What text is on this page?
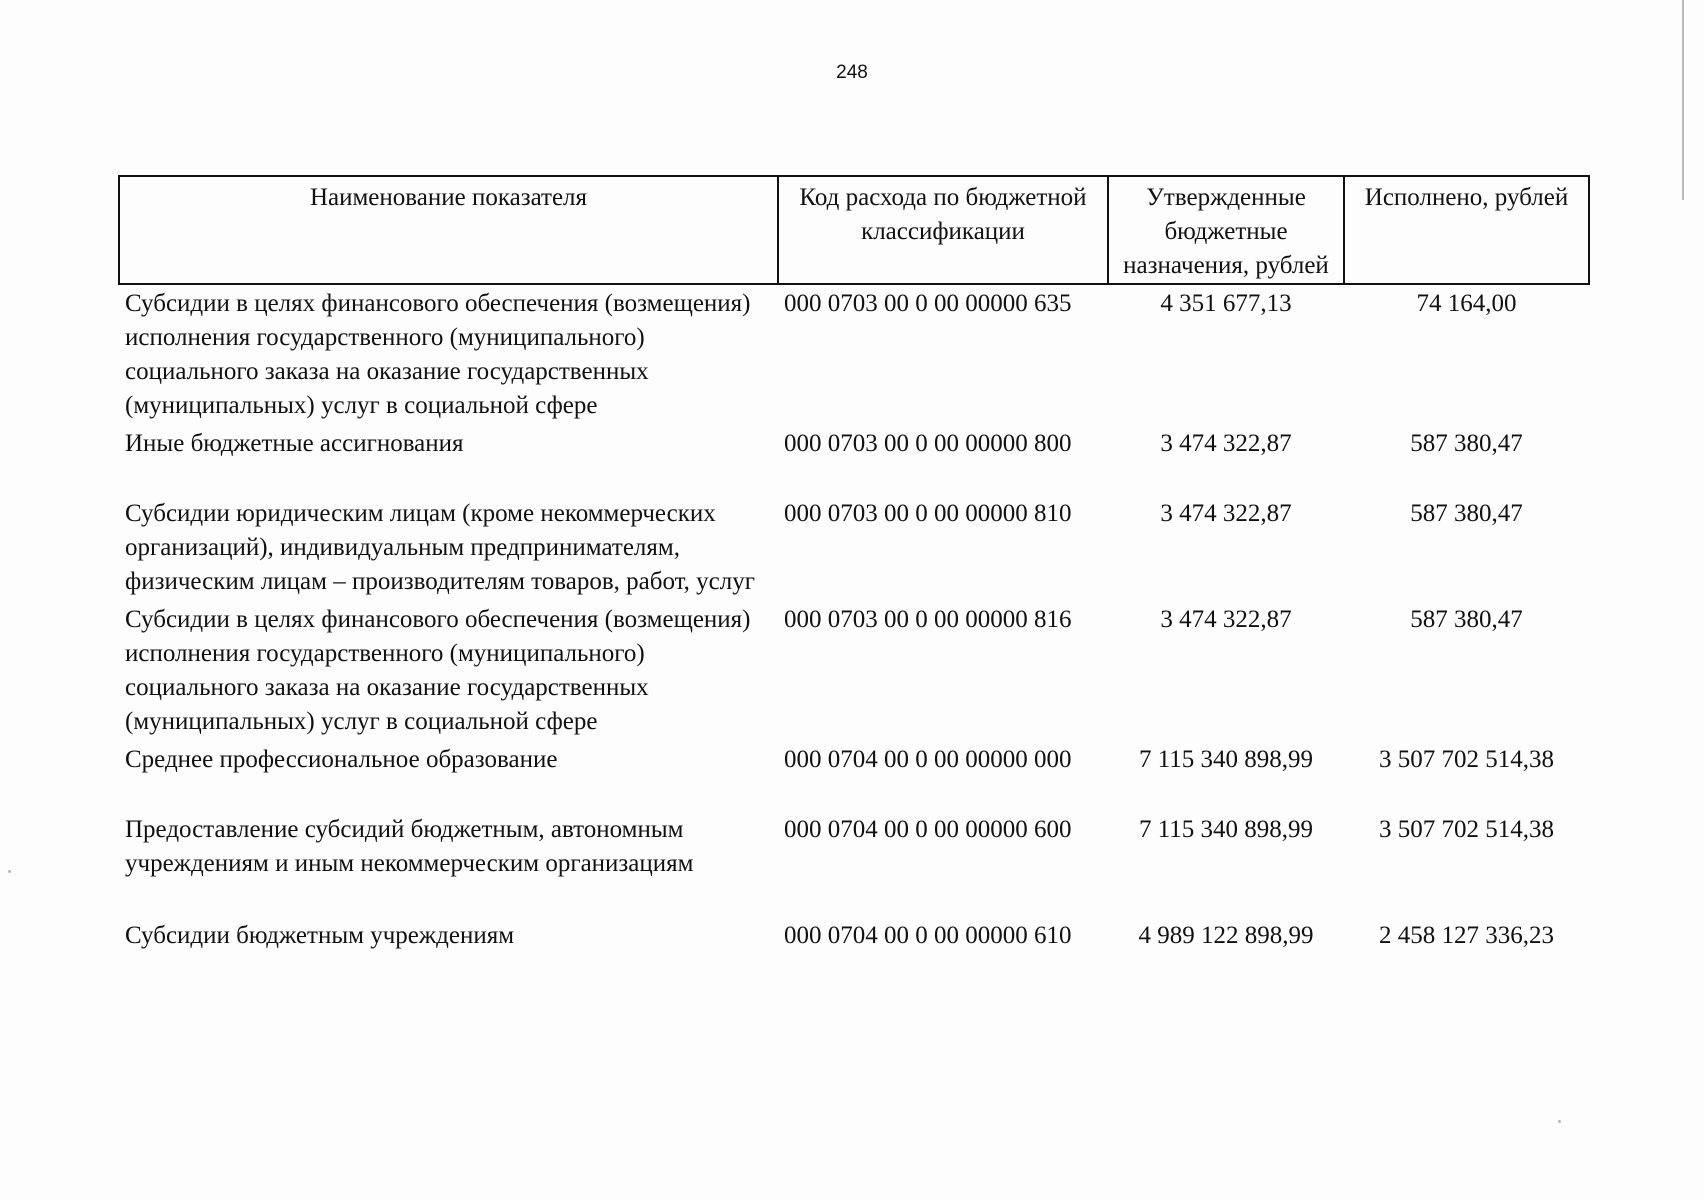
248
Наименование показателя	Код расхода по бюджетной классификации	Утвержденные бюджетные назначения, рублей	Исполнено, рублей
Субсидии в целях финансового обеспечения (возмещения) исполнения государственного (муниципального) социального заказа на оказание государственных (муниципальных) услуг в социальной сфере	000 0703 00 0 00 00000 635	4 351 677,13	74 164,00
Иные бюджетные ассигнования	000 0703 00 0 00 00000 800	3 474 322,87	587 380,47
Субсидии юридическим лицам (кроме некоммерческих организаций), индивидуальным предпринимателям, физическим лицам – производителям товаров, работ, услуг	000 0703 00 0 00 00000 810	3 474 322,87	587 380,47
Субсидии в целях финансового обеспечения (возмещения) исполнения государственного (муниципального) социального заказа на оказание государственных (муниципальных) услуг в социальной сфере	000 0703 00 0 00 00000 816	3 474 322,87	587 380,47
Среднее профессиональное образование	000 0704 00 0 00 00000 000	7 115 340 898,99	3 507 702 514,38
Предоставление субсидий бюджетным, автономным учреждениям и иным некоммерческим организациям	000 0704 00 0 00 00000 600	7 115 340 898,99	3 507 702 514,38
Субсидии бюджетным учреждениям	000 0704 00 0 00 00000 610	4 989 122 898,99	2 458 127 336,23
